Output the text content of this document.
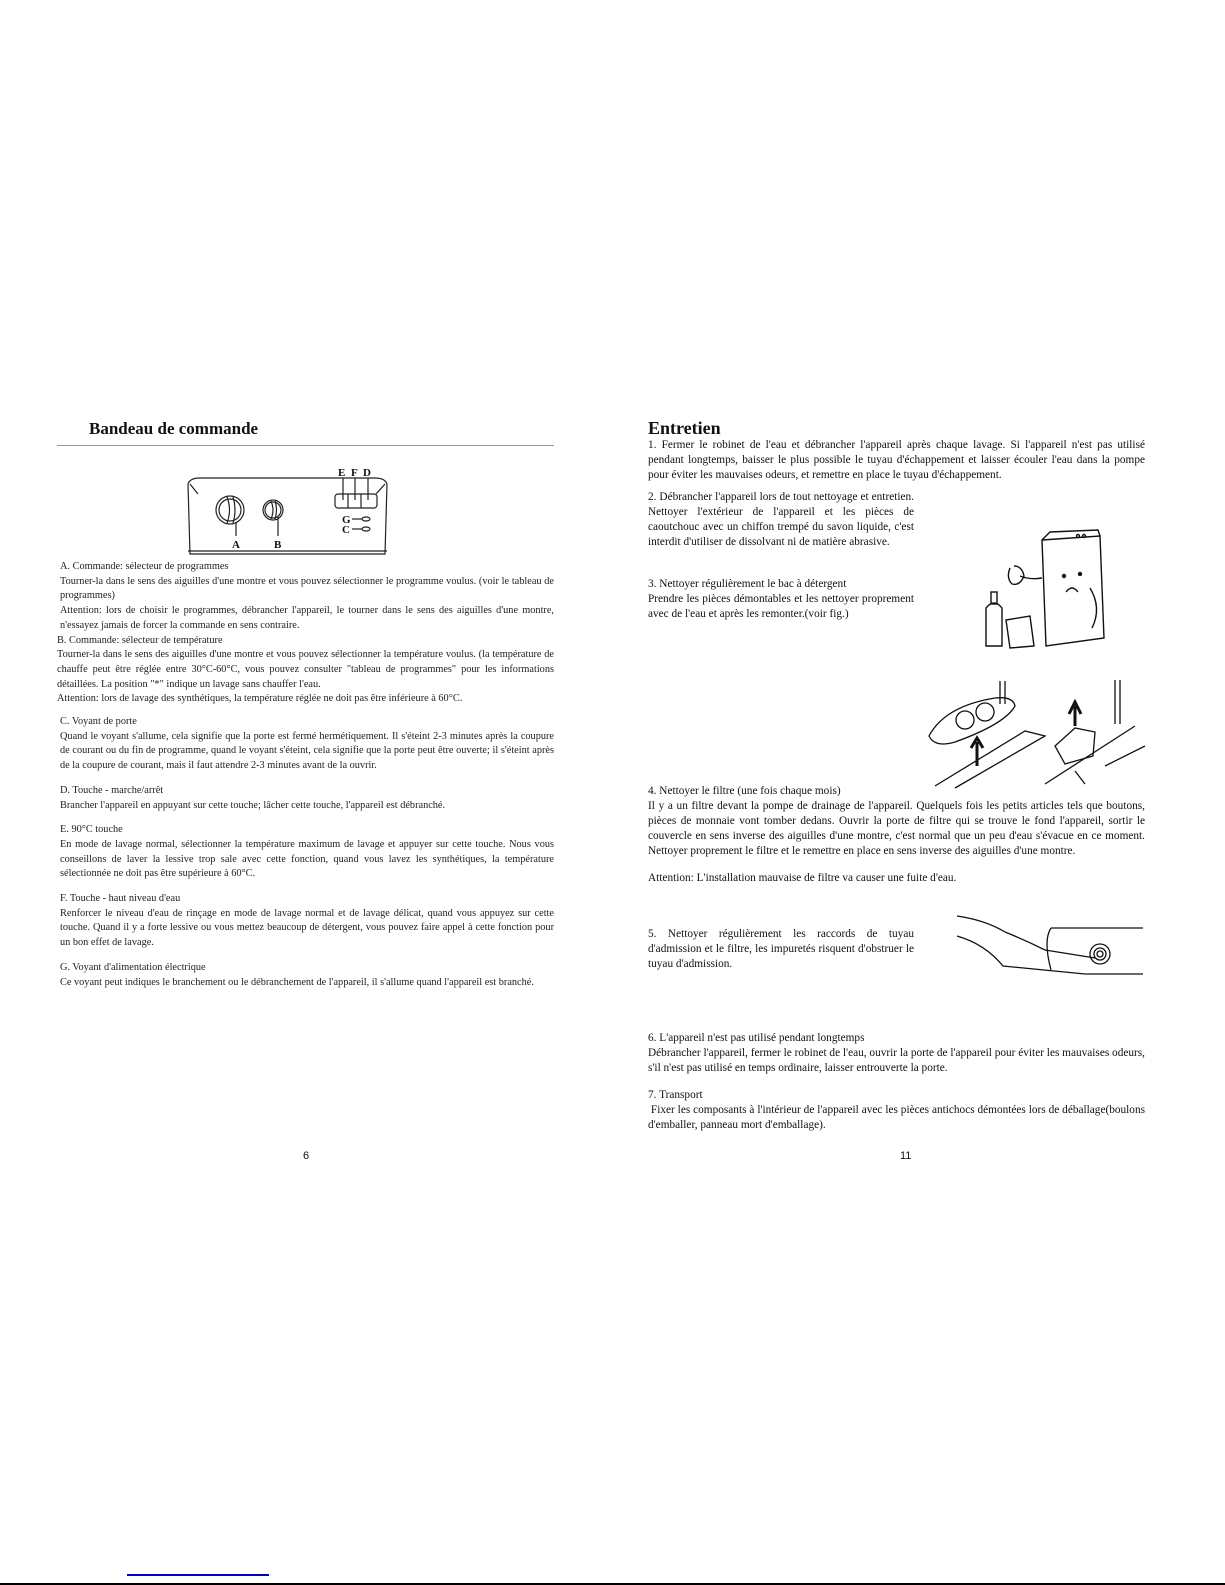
Bandeau de commande
E F D
A	B
G
C

A. Commande: sélecteur de programmes

Tourner-la dans le sens des aiguilles d'une montre et vous pouvez sélectionner le programme voulus. (voir le tableau de programmes)

Attention: lors de choisir le programmes, débrancher l'appareil, le tourner dans le sens des aiguilles d'une montre, n'essayez jamais de forcer la commande en sens contraire.

B. Commande: sélecteur de température

Tourner-la dans le sens des aiguilles d'une montre et vous pouvez sélectionner la température voulus. (la température de chauffe peut être réglée entre 30°C-60°C, vous pouvez consulter "tableau de programmes" pour les informations détaillées. La position "*" indique un lavage sans chauffer l'eau.

Attention: lors de lavage des synthétiques, la température réglée ne doit pas être inférieure à 60°C.

C. Voyant de porte

Quand le voyant s'allume, cela signifie que la porte est fermé hermétiquement. Il s'éteint 2-3 minutes après la coupure de courant ou du fin de programme, quand le voyant s'éteint, cela signifie que la porte peut être ouverte; il s'éteint après de la coupure de courant, mais il faut attendre 2-3 minutes avant de la ouvrir.

D. Touche - marche/arrêt

Brancher l'appareil en appuyant sur cette touche; lâcher cette touche, l'appareil est débranché.

E. 90°C touche

En mode de lavage normal, sélectionner la température maximum de lavage et appuyer sur cette touche. Nous vous conseillons de laver la lessive trop sale avec cette fonction, quand vous lavez les synthétiques, la température sélectionnée ne doit pas être supérieure à 60°C.

F. Touche - haut niveau d'eau

Renforcer le niveau d'eau de rinçage en mode de lavage normal et de lavage délicat, quand vous appuyez sur cette touche. Quand il y a forte lessive ou vous mettez beaucoup de détergent, vous pouvez faire appel à cette fonction pour un bon effet de lavage.

G. Voyant d'alimentation électrique

Ce voyant peut indiques le branchement ou le débranchement de l'appareil, il s'allume quand l'appareil est branché.

6
Entretien
1. Fermer le robinet de l'eau et débrancher l'appareil après chaque lavage. Si l'appareil n'est pas utilisé pendant longtemps, baisser le plus possible le tuyau d'échappement et laisser écouler l'eau dans la pompe pour éviter les mauvaises odeurs, et remettre en place le tuyau d'échappement.
2. Débrancher l'appareil lors de tout nettoyage et entretien. Nettoyer l'extérieur de l'appareil et les pièces de caoutchouc avec un chiffon trempé du savon liquide, c'est interdit d'utiliser de dissolvant ni de matière abrasive.

3. Nettoyer régulièrement le bac à détergent

Prendre les pièces démontables et les nettoyer proprement avec de l'eau et après les remonter.(voir fig.)

4. Nettoyer le filtre (une fois chaque mois)

Il y a un filtre devant la pompe de drainage de l'appareil. Quelquels fois les petits articles tels que boutons, pièces de monnaie vont tomber dedans. Ouvrir la porte de filtre qui se trouve le fond l'appareil, sortir le couvercle en sens inverse des aiguilles d'une montre, c'est normal que un peu d'eau s'évacue en ce moment. Nettoyer proprement le filtre et le remettre en place en sens inverse des aiguilles d'une montre.

Attention: L'installation mauvaise de filtre va causer une fuite d'eau.

5. Nettoyer régulièrement les raccords de tuyau d'admission et le filtre, les impuretés risquent d'obstruer le tuyau d'admission.

6. L'appareil n'est pas utilisé pendant longtemps

Débrancher l'appareil, fermer le robinet de l'eau, ouvrir la porte de l'appareil pour éviter les mauvaises odeurs, s'il n'est pas utilisé en temps ordinaire, laisser entrouverte la porte.

7. Transport

Fixer les composants à l'intérieur de l'appareil avec les pièces antichocs démontées lors de déballage(boulons d'emballer, panneau mort d'emballage).

11
